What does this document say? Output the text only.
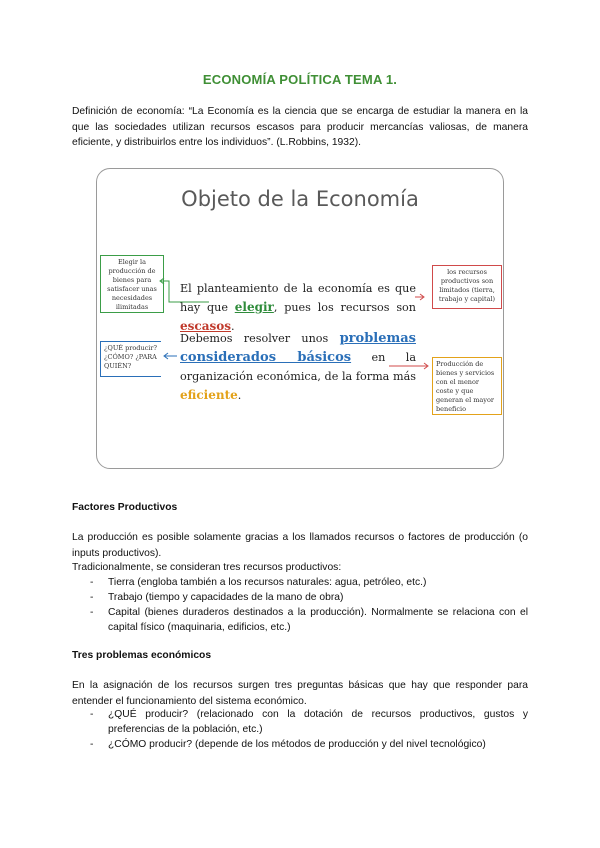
ECONOMÍA POLÍTICA TEMA 1.
Definición de economía: “La Economía es la ciencia que se encarga de estudiar la manera en la que las sociedades utilizan recursos escasos para producir mercancías valiosas, de manera eficiente, y distribuirlos entre los individuos”. (L.Robbins, 1932).
Objeto de la Economía
El planteamiento de la economía es que hay que elegir, pues los recursos son escasos.
Debemos resolver unos problemas considerados básicos en la organización económica, de la forma más eficiente.
Elegir la producción de bienes para satisfacer unas necesidades ilimitadas
¿QUÉ producir? ¿CÓMO? ¿PARA QUIÉN?
los recursos productivos son limitados (tierra, trabajo y capital)
Producción de bienes y servicios con el menor coste y que generan el mayor beneficio
Factores Productivos
La producción es posible solamente gracias a los llamados recursos o factores de producción (o inputs productivos).
Tradicionalmente, se consideran tres recursos productivos:
- Tierra (engloba también a los recursos naturales: agua, petróleo, etc.)
- Trabajo (tiempo y capacidades de la mano de obra)
- Capital (bienes duraderos destinados a la producción). Normalmente se relaciona con el capital físico (maquinaria, edificios, etc.)
Tres problemas económicos
En la asignación de los recursos surgen tres preguntas básicas que hay que responder para entender el funcionamiento del sistema económico.
- ¿QUÉ producir? (relacionado con la dotación de recursos productivos, gustos y preferencias de la población, etc.)
- ¿CÓMO producir? (depende de los métodos de producción y del nivel tecnológico)
